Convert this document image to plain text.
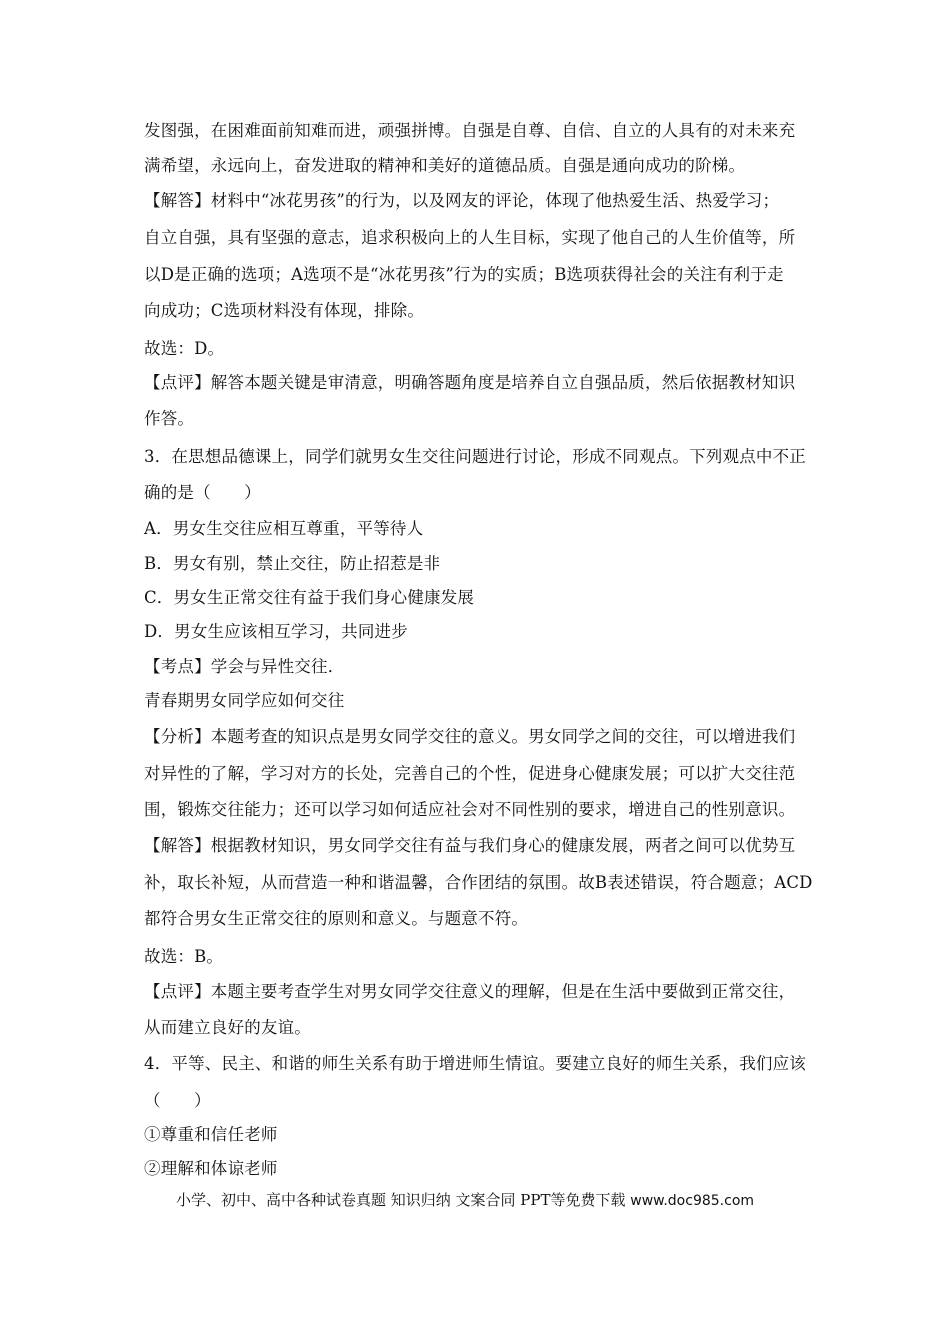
发图强，在困难面前知难而进，顽强拼博。自强是自尊、自信、自立的人具有的对未来充
满希望，永远向上，奋发进取的精神和美好的道德品质。自强是通向成功的阶梯。
【解答】材料中“冰花男孩”的行为，以及网友的评论，体现了他热爱生活、热爱学习；
自立自强，具有坚强的意志，追求积极向上的人生目标，实现了他自己的人生价值等，所
以D是正确的选项；A选项不是“冰花男孩”行为的实质；B选项获得社会的关注有利于走
向成功；C选项材料没有体现，排除。
故选：D。
【点评】解答本题关键是审清意，明确答题角度是培养自立自强品质，然后依据教材知识
作答。
3．在思想品德课上，同学们就男女生交往问题进行讨论，形成不同观点。下列观点中不正
确的是（　　）
A．男女生交往应相互尊重，平等待人
B．男女有别，禁止交往，防止招惹是非
C．男女生正常交往有益于我们身心健康发展
D．男女生应该相互学习，共同进步
【考点】学会与异性交往．
青春期男女同学应如何交往
【分析】本题考查的知识点是男女同学交往的意义。男女同学之间的交往，可以增进我们
对异性的了解，学习对方的长处，完善自己的个性，促进身心健康发展；可以扩大交往范
围，锻炼交往能力；还可以学习如何适应社会对不同性别的要求，增进自己的性别意识。
【解答】根据教材知识，男女同学交往有益与我们身心的健康发展，两者之间可以优势互
补，取长补短，从而营造一种和谐温馨，合作团结的氛围。故B表述错误，符合题意；ACD
都符合男女生正常交往的原则和意义。与题意不符。
故选：B。
【点评】本题主要考查学生对男女同学交往意义的理解，但是在生活中要做到正常交往，
从而建立良好的友谊。
4．平等、民主、和谐的师生关系有助于增进师生情谊。要建立良好的师生关系，我们应该
（　　）
①尊重和信任老师
②理解和体谅老师
小学、初中、高中各种试卷真题 知识归纳 文案合同 PPT等免费下载 www.doc985.com
